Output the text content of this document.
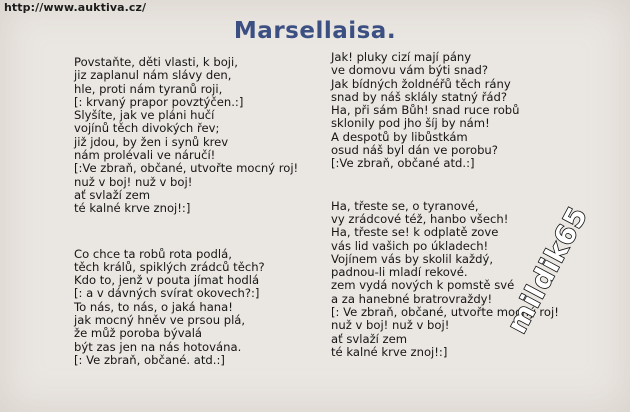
http://www.auktiva.cz/
Marsellaisa.
Povstaňte, děti vlasti, k boji,
jiz zaplanul nám slávy den,
hle, proti nám tyranů roji,
[: krvaný prapor povztýčen.:]
Slyšíte, jak ve pláni hučí
vojínů těch divokých řev;
již jdou, by žen i synů krev
nám prolévali ve náručí!
[:Ve zbraň, občané, utvořte mocný roj!
nuž v boj! nuž v boj!
ať svlaží zem
té kalné krve znoj!:]
Co chce ta robů rota podlá,
těch králů, spiklých zrádců těch?
Kdo to, jenž v pouta jímat hodlá
[: a v dávných svírat okovech?:]
To nás, to nás, o jaká hana!
jak mocný hněv ve prsou plá,
že můž poroba bývalá
být zas jen na nás hotována.
[: Ve zbraň, občané. atd.:]
Jak! pluky cizí mají pány
ve domovu vám býti snad?
Jak bídných žoldnéřů těch rány
snad by náš sklály statný řád?
Ha, při sám Bůh! snad ruce robů
sklonily pod jho šíj by nám!
A despotů by libůstkám
osud náš byl dán ve porobu?
[:Ve zbraň, občané atd.:]
Ha, třeste se, o tyranové,
vy zrádcové též, hanbo všech!
Ha, třeste se! k odplatě zove
vás lid vašich po úkladech!
Vojínem vás by skolil každý,
padnou-li mladí rekové.
zem vydá nových k pomstě své
a za hanebné bratrovraždy!
[: Ve zbraň, občané, utvořte mocný roj!
nuž v boj! nuž v boj!
ať svlaží zem
té kalné krve znoj!:]
mildik65
